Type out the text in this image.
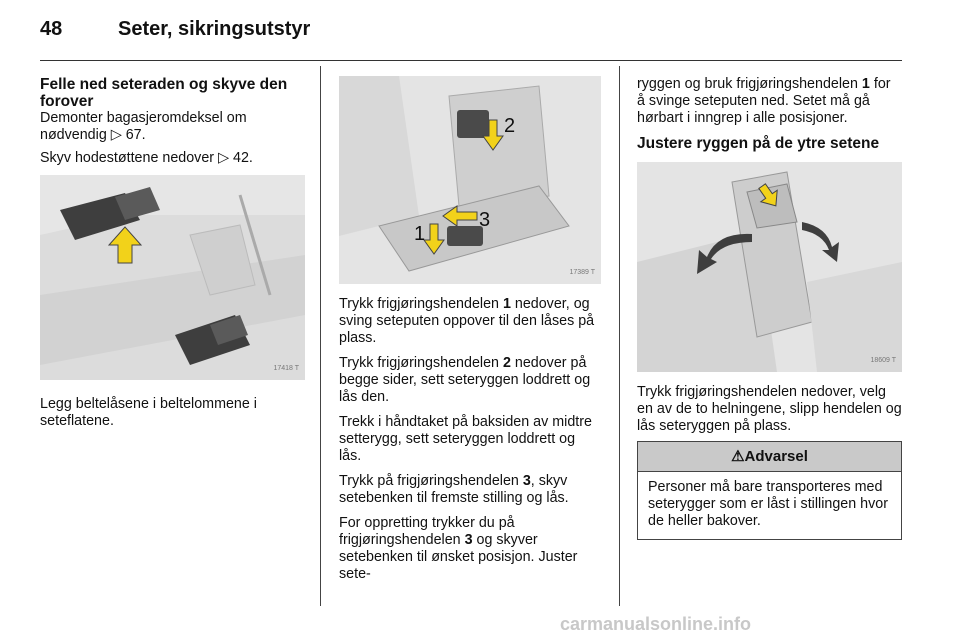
48	Seter, sikringsutstyr
Felle ned seteraden og skyve den forover

Demonter bagasjeromdeksel om nødvendig ▷ 67.

Skyv hodestøttene nedover ▷ 42.

17418 T

Legg beltelåsene i beltelommene i seteflatene.

2
1
3
17389 T

Trykk frigjøringshendelen 1 nedover, og sving seteputen oppover til den låses på plass.

Trykk frigjøringshendelen 2 nedover på begge sider, sett seteryggen loddrett og lås den.

Trekk i håndtaket på baksiden av midtre setterygg, sett seteryggen loddrett og lås.

Trykk på frigjøringshendelen 3, skyv setebenken til fremste stilling og lås.

For oppretting trykker du på frigjøringshendelen 3 og skyver setebenken til ønsket posisjon. Juster sete-

ryggen og bruk frigjøringshendelen 1 for å svinge seteputen ned. Setet må gå hørbart i inngrep i alle posisjoner.

Justere ryggen på de ytre setene
18609 T

Trykk frigjøringshendelen nedover, velg en av de to helningene, slipp hendelen og lås seteryggen på plass.

⚠Advarsel
Personer må bare transporteres med seterygger som er låst i stillingen hvor de heller bakover.
carmanualsonline.info
